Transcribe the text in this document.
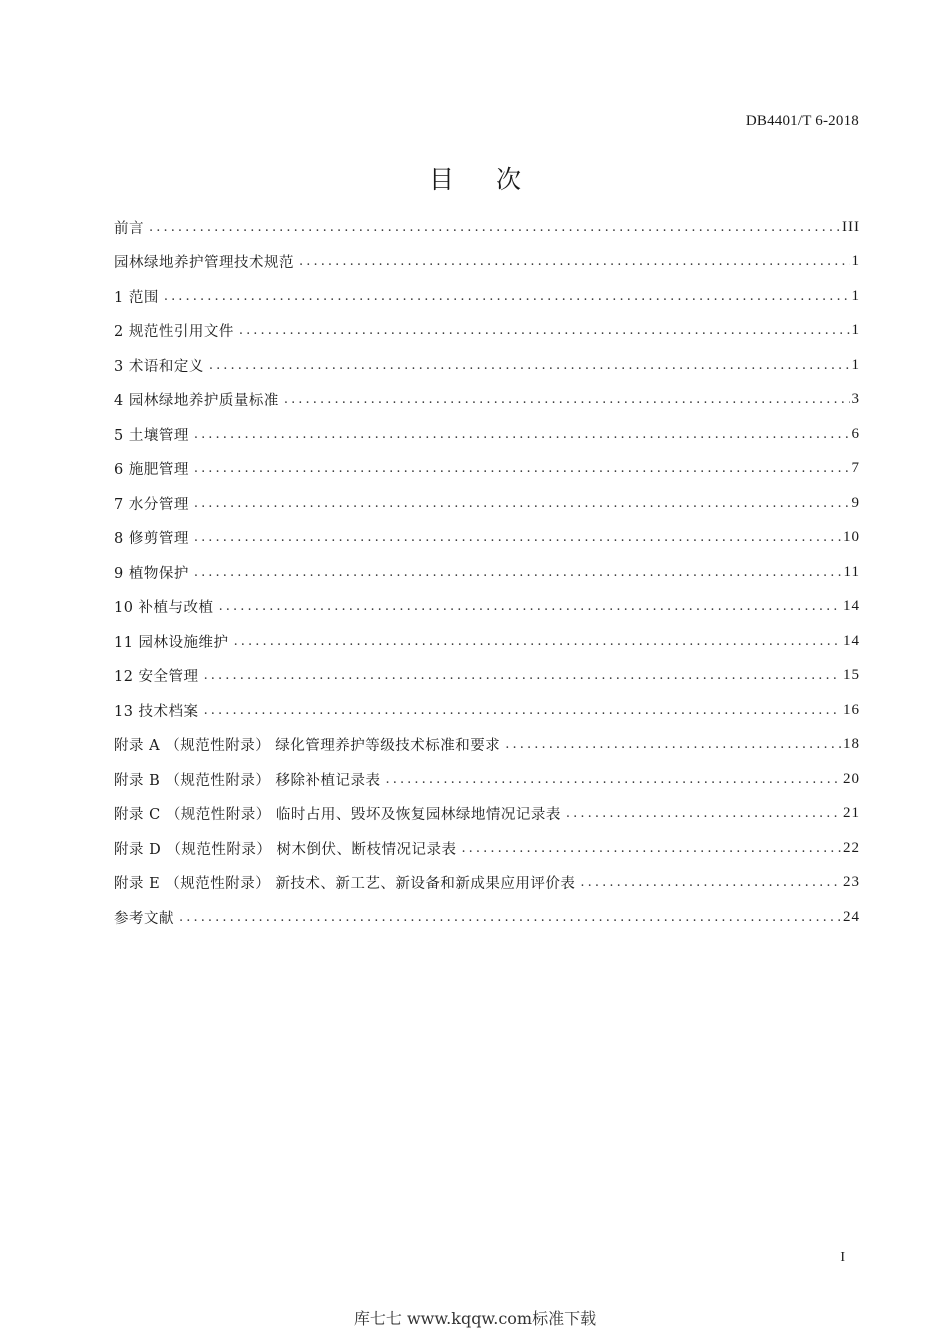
DB4401/T 6-2018
目次
前言 .....	III
园林绿地养护管理技术规范 .....	1
1 范围 .....	1
2 规范性引用文件 .....	1
3 术语和定义 .....	1
4 园林绿地养护质量标准 .....	3
5 土壤管理 .....	6
6 施肥管理 .....	7
7 水分管理 .....	9
8 修剪管理 .....	10
9 植物保护 .....	11
10 补植与改植 .....	14
11 园林设施维护 .....	14
12 安全管理 .....	15
13 技术档案 .....	16
附录 A （规范性附录） 绿化管理养护等级技术标准和要求 .....	18
附录 B （规范性附录） 移除补植记录表 .....	20
附录 C （规范性附录） 临时占用、毁坏及恢复园林绿地情况记录表 .....	21
附录 D （规范性附录） 树木倒伏、断枝情况记录表 .....	22
附录 E （规范性附录） 新技术、新工艺、新设备和新成果应用评价表 .....	23
参考文献 .....	24
I
库七七 www.kqqw.com标准下载
